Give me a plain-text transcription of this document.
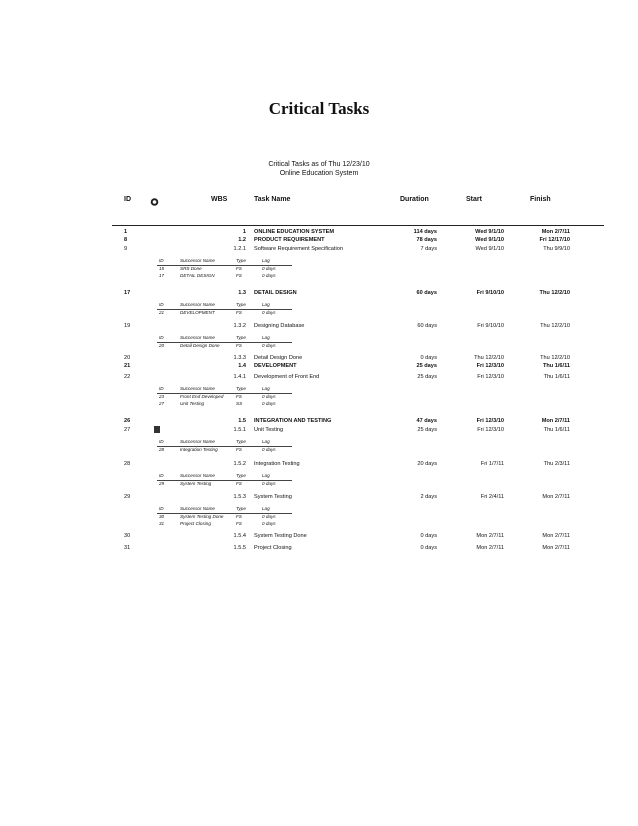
Critical Tasks
Critical Tasks as of Thu 12/23/10
Online Education System
ID	WBS	Task Name	Duration	Start	Finish
1	1 ONLINE EDUCATION SYSTEM	114 days	Wed 9/1/10	Mon 2/7/11
8	1.2 PRODUCT REQUIREMENT	78 days	Wed 9/1/10	Fri 12/17/10
9	1.2.1 Software Requirement Specification	7 days	Wed 9/1/10	Thu 9/9/10
ID	Successor Name	Type	Lag
15	SRS Done	FS	0 days
17	DETAIL DESIGN	FS	0 days
17	1.3 DETAIL DESIGN	60 days	Fri 9/10/10	Thu 12/2/10
ID	Successor Name	Type	Lag
21	DEVELOPMENT	FS	0 days
19	1.3.2 Designing Database	60 days	Fri 9/10/10	Thu 12/2/10
ID	Successor Name	Type	Lag
20	Detail Design Done	FS	0 days
20	1.3.3 Detail Design Done	0 days	Thu 12/2/10	Thu 12/2/10
21	1.4 DEVELOPMENT	25 days	Fri 12/3/10	Thu 1/6/11
22	1.4.1 Development of Front End	25 days	Fri 12/3/10	Thu 1/6/11
ID	Successor Name	Type	Lag
23	Front End Developed	FS	0 days
27	Unit Testing	SS	0 days
26	1.5 INTEGRATION AND TESTING	47 days	Fri 12/3/10	Mon 2/7/11
27	1.5.1 Unit Testing	25 days	Fri 12/3/10	Thu 1/6/11
ID	Successor Name	Type	Lag
28	Integration Testing	FS	0 days
28	1.5.2 Integration Testing	20 days	Fri 1/7/11	Thu 2/3/11
ID	Successor Name	Type	Lag
29	System Testing	FS	0 days
29	1.5.3 System Testing	2 days	Fri 2/4/11	Mon 2/7/11
ID	Successor Name	Type	Lag
30	System Testing Done	FS	0 days
31	Project Closing	FS	0 days
30	1.5.4 System Testing Done	0 days	Mon 2/7/11	Mon 2/7/11
31	1.5.5 Project Closing	0 days	Mon 2/7/11	Mon 2/7/11
